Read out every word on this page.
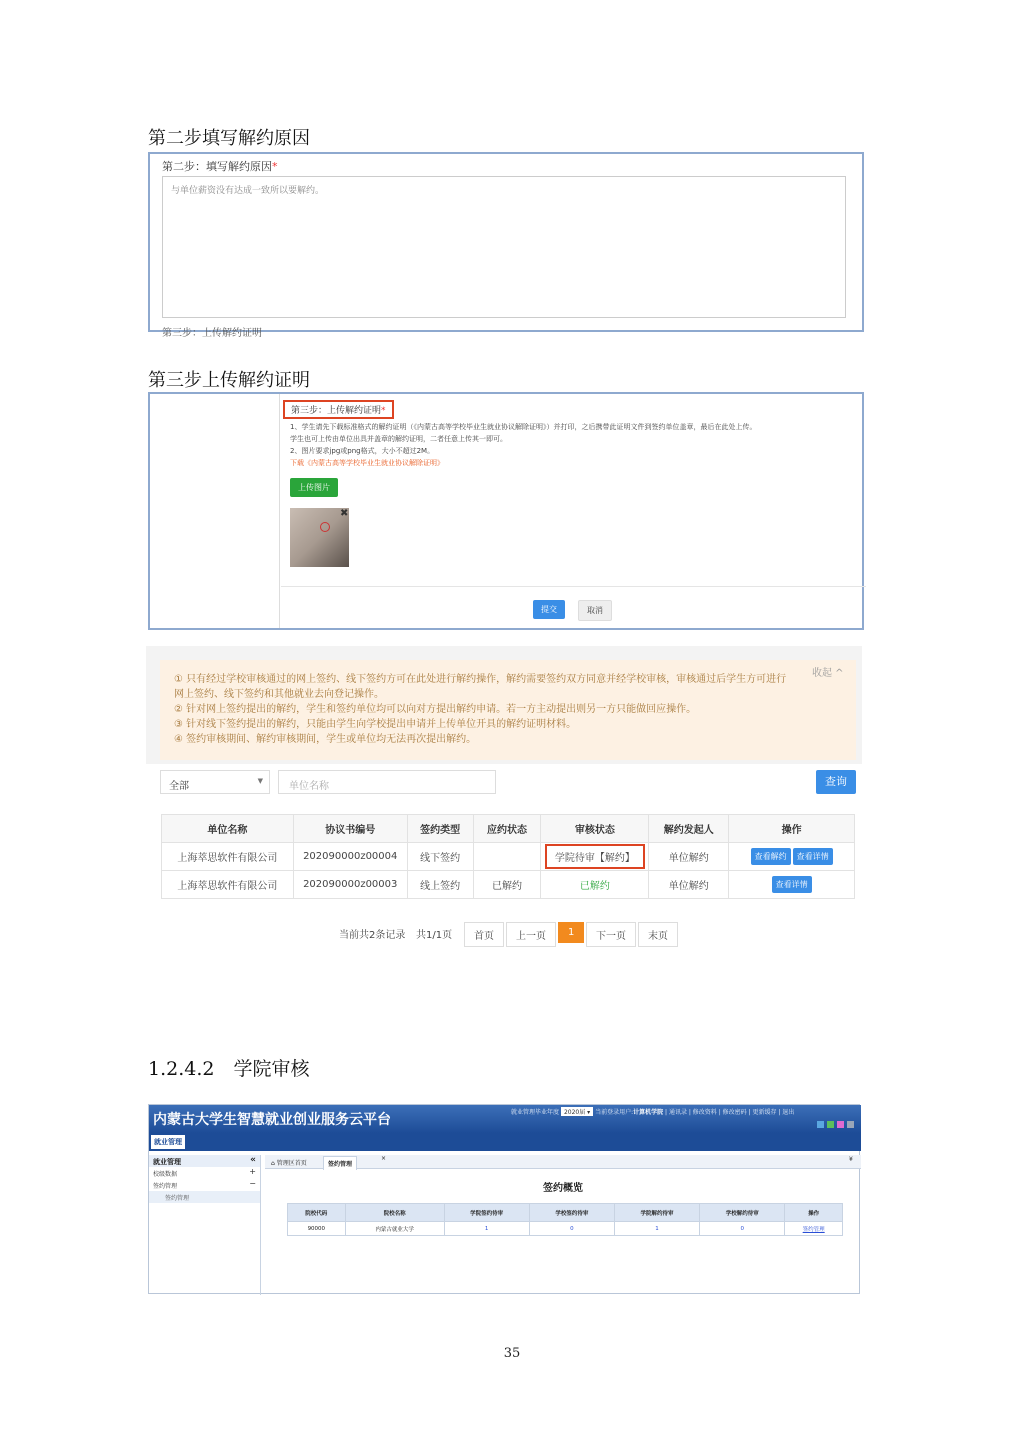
第二步填写解约原因
第二步：填写解约原因*
与单位薪资没有达成一致所以要解约。
第三步：上传解约证明
第三步上传解约证明
第三步：上传解约证明*
1、学生请先下载标准格式的解约证明（《内蒙古高等学校毕业生就业协议解除证明》）并打印，之后携带此证明文件到签约单位盖章，最后在此处上传。
学生也可上传由单位出具并盖章的解约证明，二者任意上传其一即可。
2、图片要求jpg或png格式，大小不超过2M。
下载《内蒙古高等学校毕业生就业协议解除证明》
上传图片
✖
提交	取消
① 只有经过学校审核通过的网上签约、线下签约方可在此处进行解约操作，解约需要签约双方同意并经学校审核，审核通过后学生方可进行
网上签约、线下签约和其他就业去向登记操作。
② 针对网上签约提出的解约，学生和签约单位均可以向对方提出解约申请。若一方主动提出则另一方只能做回应操作。
③ 针对线下签约提出的解约，只能由学生向学校提出申请并上传单位开具的解约证明材料。
④ 签约审核期间、解约审核期间，学生或单位均无法再次提出解约。
收起 ^
全部	▼	单位名称	查询
单位名称	协议书编号	签约类型	应约状态	审核状态	解约发起人	操作
上海萃思软件有限公司	202090000z00004	线下签约		学院待审【解约】	单位解约	查看解约 查看详情
上海萃思软件有限公司	202090000z00003	线上签约	已解约	已解约	单位解约	查看详情
当前共2条记录 共1/1页	首页	上一页	1	下一页	末页
1.2.4.2　学院审核
内蒙古大学生智慧就业创业服务云平台	就业管理毕业年度 2020届 ▾ 当前登录用户:计算机学院 | 通讯录 | 修改资料 | 修改密码 | 更新缓存 | 退出
就业管理
就业管理	«
校级数据	+
签约管理	−
签约管理
⌂ 管理区首页	签约管理
×	¥
签约概览
院校代码	院校名称	学院签约待审	学校签约待审	学院解约待审	学校解约待审	操作
90000	内蒙古就业大学	1	0	1	0	签约管理
35
